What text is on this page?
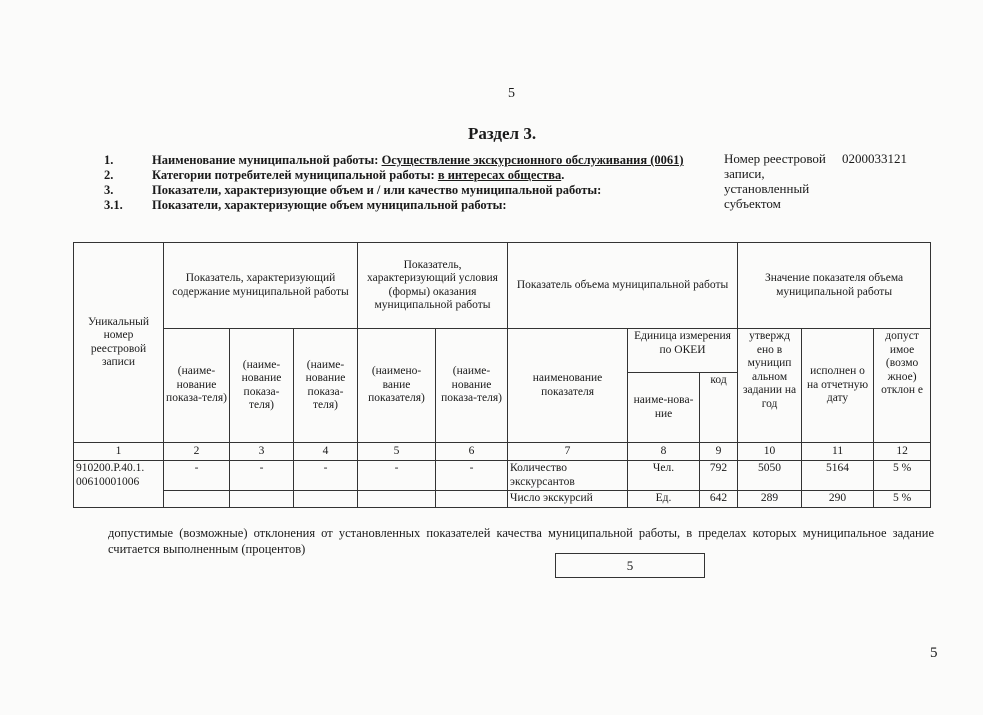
5
Раздел 3.
1.	Наименование муниципальной работы: Осуществление экскурсионного обслуживания (0061)
2.	Категории потребителей муниципальной работы: в интересах общества.
3.	Показатели, характеризующие объем и / или качество муниципальной работы:
3.1.	Показатели, характеризующие объем муниципальной работы:
Номер реестровой
записи,
установленный
субъектом
0200033121
Уникальный номер реестровой записи	Показатель, характеризующий содержание муниципальной работы			Показатель, характеризующий условия (формы) оказания муниципальной работы		Показатель объема муниципальной работы			Значение показателя объема муниципальной работы		
	(наиме-нование показа-теля)	(наиме-нование показа-теля)	(наиме-нование показа-теля)	(наимено-вание показателя)	(наиме-нование показа-теля)	наименование показателя	Единица измерения по ОКЕИ		утвержд ено в муницип альном задании на год	исполнен о на отчетную дату	допуст имое (возмо жное) отклон е
							наиме-нова-ние	код			
1	2	3	4	5	6	7	8	9	10	11	12
910200.Р.40.1. 00610001006	-	-	-	-	-	Количество экскурсантов	Чел.	792	5050	5164	5 %
						Число экскурсий	Ед.	642	289	290	5 %
допустимые (возможные) отклонения от установленных показателей качества муниципальной работы, в пределах которых муниципальное задание считается выполненным (процентов)
5
5
